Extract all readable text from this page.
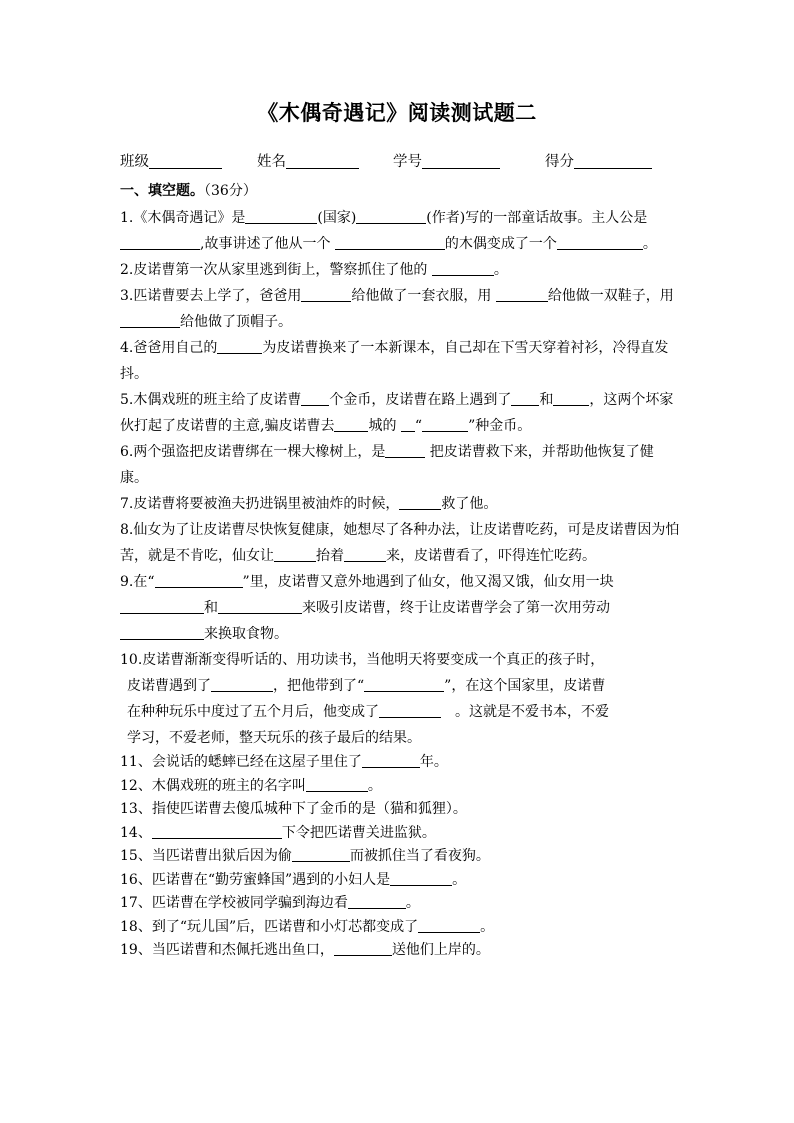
《木偶奇遇记》阅读测试题二
班级	姓名	学号	得分
一、填空题。（36分）

1.《木偶奇遇记》是	(国家)	(作者)写的一部童话故事。主人公是,故事讲述了他从一个	的木偶变成了一个	。

2.皮诺曹第一次从家里逃到街上，警察抓住了他的	。

3.匹诺曹要去上学了，爸爸用	给他做了一套衣服，用	给他做一双鞋子，用给他做了顶帽子。

4.爸爸用自己的	为皮诺曹换来了一本新课本，自己却在下雪天穿着衬衫，冷得直发抖。

5.木偶戏班的班主给了皮诺曹 个金币，皮诺曹在路上遇到了 和	，这两个坏家伙打起了皮诺曹的主意,骗皮诺曹去 城的 “	”种金币。

6.两个强盗把皮诺曹绑在一棵大橡树上，是	把皮诺曹救下来，并帮助他恢复了健康。

7.皮诺曹将要被渔夫扔进锅里被油炸的时候，	救了他。

8.仙女为了让皮诺曹尽快恢复健康，她想尽了各种办法，让皮诺曹吃药，可是皮诺曹因为怕苦，就是不肯吃，仙女让	抬着	来，皮诺曹看了，吓得连忙吃药。

9.在“	”里，皮诺曹又意外地遇到了仙女，他又渴又饿，仙女用一块和	来吸引皮诺曹，终于让皮诺曹学会了第一次用劳动来换取食物。

10.皮诺曹渐渐变得听话的、用功读书，当他明天将要变成一个真正的孩子时，
皮诺曹遇到了	，把他带到了“	”，在这个国家里，皮诺曹
在种种玩乐中度过了五个月后，他变成了	。这就是不爱书本，不爱
学习，不爱老师，整天玩乐的孩子最后的结果。

11、会说话的蟋蟀已经在这屋子里住了	年。

12、木偶戏班的班主的名字叫	。

13、指使匹诺曹去傻瓜城种下了金币的是（猫和狐狸）。

14、	下令把匹诺曹关进监狱。

15、当匹诺曹出狱后因为偷	而被抓住当了看夜狗。

16、匹诺曹在“勤劳蜜蜂国”遇到的小妇人是	。

17、匹诺曹在学校被同学骗到海边看	。

18、到了“玩儿国”后，匹诺曹和小灯芯都变成了	。

19、当匹诺曹和杰佩托逃出鱼口，	送他们上岸的。
